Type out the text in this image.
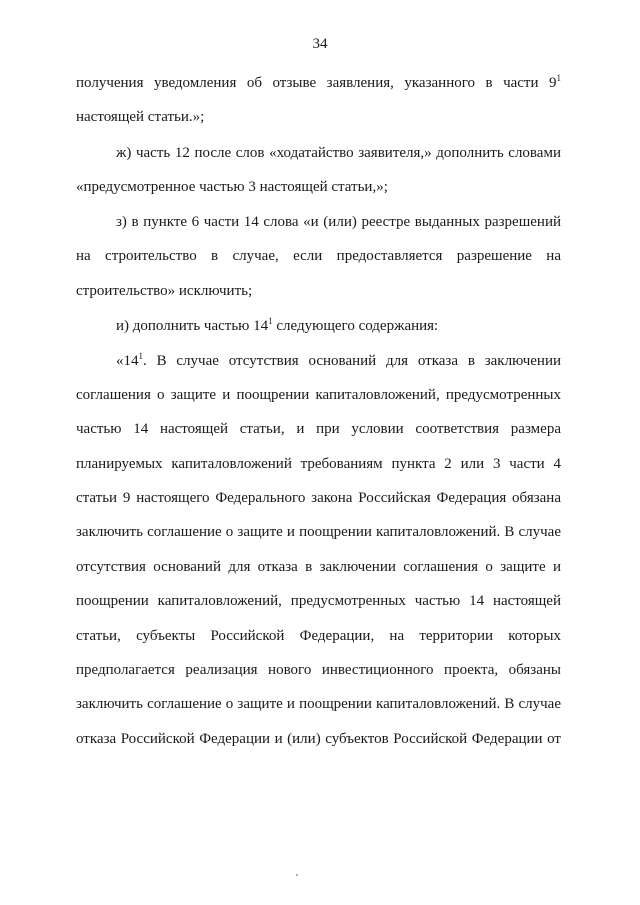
34
получения уведомления об отзыве заявления, указанного в части $9^1$
настоящей статьи.»;
ж) часть 12 после слов «ходатайство заявителя,» дополнить словами
«предусмотренное частью 3 настоящей статьи,»;
з) в пункте 6 части 14 слова «и (или) реестре выданных разрешений
на строительство в случае, если предоставляется разрешение на
строительство» исключить;
и) дополнить частью $14^1$ следующего содержания:
«$14^1$. В случае отсутствия оснований для отказа в заключении
соглашения о защите и поощрении капиталовложений, предусмотренных
частью 14 настоящей статьи, и при условии соответствия размера
планируемых капиталовложений требованиям пункта 2 или 3 части 4
статьи 9 настоящего Федерального закона Российская Федерация обязана
заключить соглашение о защите и поощрении капиталовложений. В случае
отсутствия оснований для отказа в заключении соглашения о защите и
поощрении капиталовложений, предусмотренных частью 14 настоящей
статьи, субъекты Российской Федерации, на территории которых
предполагается реализация нового инвестиционного проекта, обязаны
заключить соглашение о защите и поощрении капиталовложений. В случае
отказа Российской Федерации и (или) субъектов Российской Федерации от
